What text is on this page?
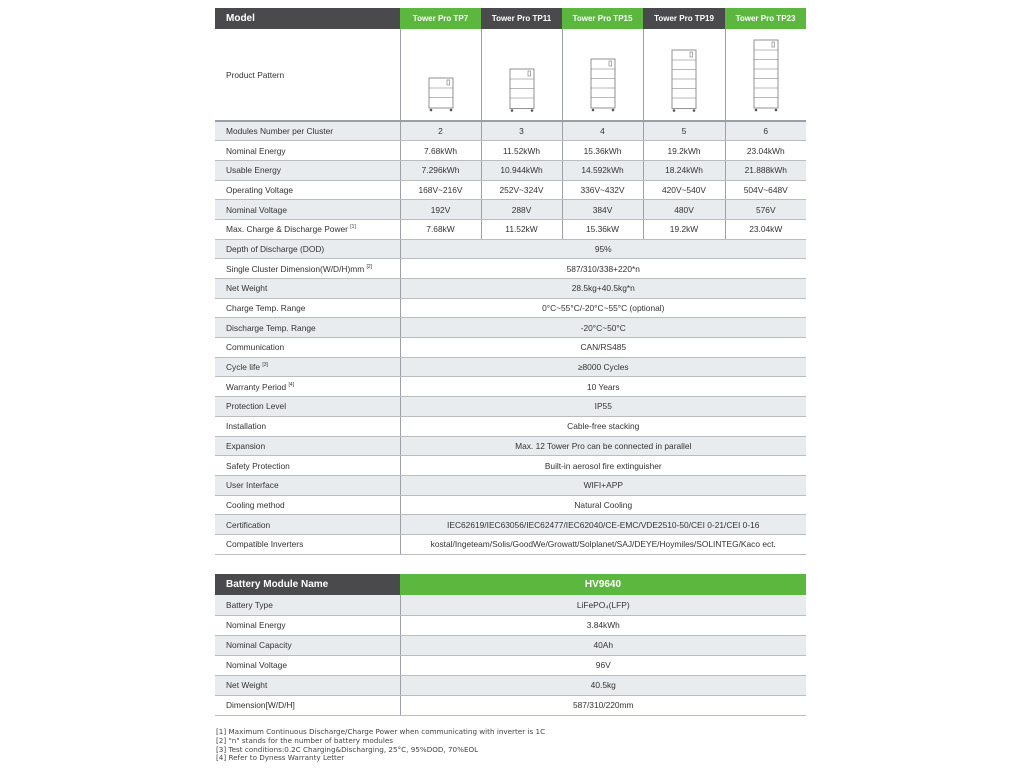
Model	Tower Pro TP7	Tower Pro TP11	Tower Pro TP15	Tower Pro TP19	Tower Pro TP23
Product Pattern	

Modules Number per Cluster	2	3	4	5	6
Nominal Energy	7.68kWh	11.52kWh	15.36kWh	19.2kWh	23.04kWh
Usable Energy	7.296kWh	10.944kWh	14.592kWh	18.24kWh	21.888kWh
Operating Voltage	168V~216V	252V~324V	336V~432V	420V~540V	504V~648V
Nominal Voltage	192V	288V	384V	480V	576V
Max. Charge & Discharge Power [1]	7.68kW	11.52kW	15.36kW	19.2kW	23.04kW
Depth of Discharge (DOD)	95%				
Single Cluster Dimension(W/D/H)mm [2]	587/310/338+220*n				
Net Weight	28.5kg+40.5kg*n				
Charge Temp. Range	0°C~55°C/-20°C~55°C (optional)				
Discharge Temp. Range	-20°C~50°C				
Communication	CAN/RS485				
Cycle life [3]	≥8000 Cycles				
Warranty Period [4]	10 Years				
Protection Level	IP55				
Installation	Cable-free stacking				
Expansion	Max. 12 Tower Pro can be connected in parallel				
Safety Protection	Built-in aerosol fire extinguisher				
User Interface	WIFI+APP				
Cooling method	Natural Cooling				
Certification	IEC62619/IEC63056/IEC62477/IEC62040/CE-EMC/VDE2510-50/CEI 0-21/CEI 0-16				
Compatible Inverters	kostal/Ingeteam/Solis/GoodWe/Growatt/Solplanet/SAJ/DEYE/Hoymiles/SOLINTEG/Kaco ect.				
Battery Module Name	HV9640
Battery Type	LiFePO₄(LFP)
Nominal Energy	3.84kWh
Nominal Capacity	40Ah
Nominal Voltage	96V
Net Weight	40.5kg
Dimension[W/D/H]	587/310/220mm
[1] Maximum Continuous Discharge/Charge Power when communicating with inverter is 1C
[2] "n" stands for the number of battery modules
[3] Test conditions:0.2C Charging&Discharging, 25°C, 95%DOD, 70%EOL
[4] Refer to Dyness Warranty Letter
